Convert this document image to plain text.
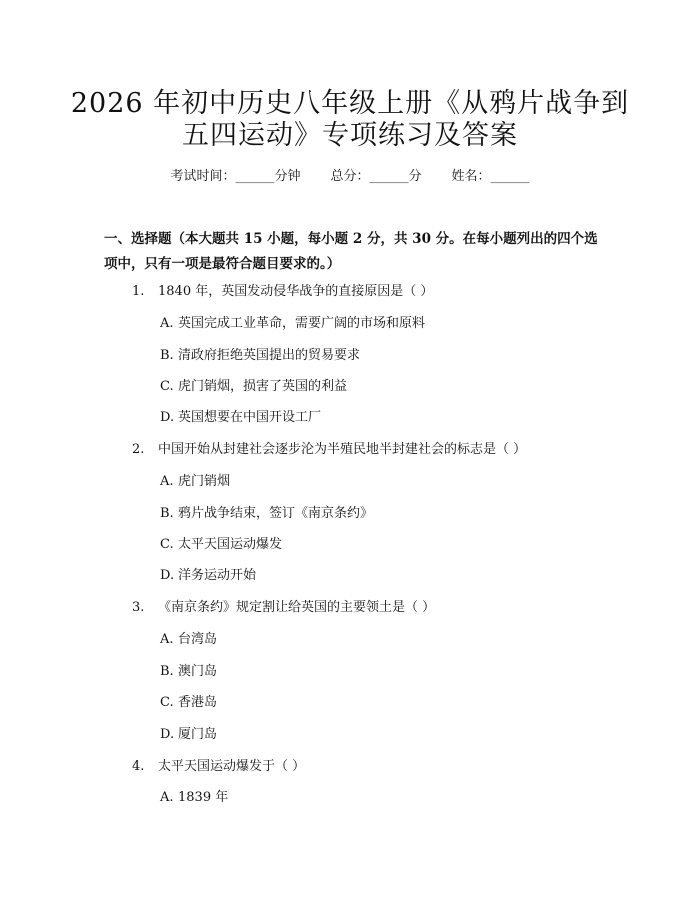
2026 年初中历史八年级上册《从鸦片战争到
五四运动》专项练习及答案
考试时间：______分钟 总分：______分 姓名：______

一、选择题（本大题共 15 小题，每小题 2 分，共 30 分。在每小题列出的四个选
项中，只有一项是最符合题目要求的。）

1. 1840 年，英国发动侵华战争的直接原因是（ ）
A. 英国完成工业革命，需要广阔的市场和原料
B. 清政府拒绝英国提出的贸易要求
C. 虎门销烟，损害了英国的利益
D. 英国想要在中国开设工厂
2. 中国开始从封建社会逐步沦为半殖民地半封建社会的标志是（ ）
A. 虎门销烟
B. 鸦片战争结束，签订《南京条约》
C. 太平天国运动爆发
D. 洋务运动开始
3. 《南京条约》规定割让给英国的主要领土是（ ）
A. 台湾岛
B. 澳门岛
C. 香港岛
D. 厦门岛
4. 太平天国运动爆发于（ ）
A. 1839 年
